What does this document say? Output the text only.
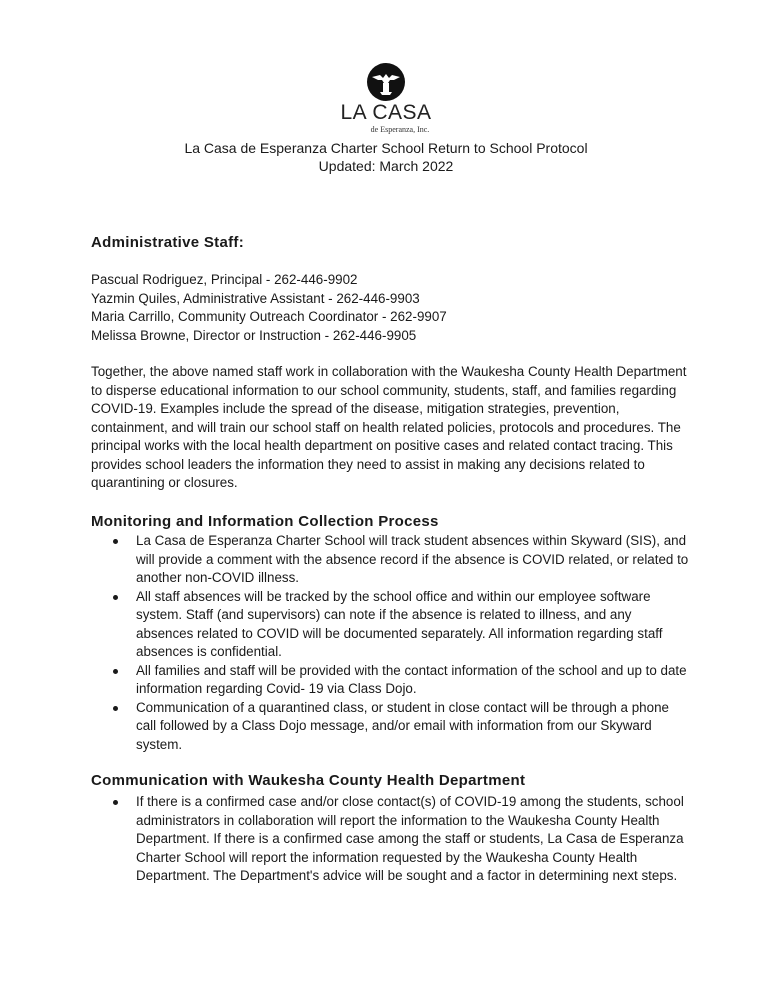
LA CASA
de Esperanza, Inc.
La Casa de Esperanza Charter School Return to School Protocol
Updated: March 2022
Administrative Staff:

Pascual Rodriguez, Principal - 262-446-9902

Yazmin Quiles, Administrative Assistant - 262-446-9903

Maria Carrillo, Community Outreach Coordinator - 262-9907

Melissa Browne, Director or Instruction - 262-446-9905

Together, the above named staff work in collaboration with the Waukesha County Health Department to disperse educational information to our school community, students, staff, and families regarding COVID-19. Examples include the spread of the disease, mitigation strategies, prevention, containment, and will train our school staff on health related policies, protocols and procedures. The principal works with the local health department on positive cases and related contact tracing. This provides school leaders the information they need to assist in making any decisions related to quarantining or closures.
Monitoring and Information Collection Process
La Casa de Esperanza Charter School will track student absences within Skyward (SIS), and will provide a comment with the absence record if the absence is COVID related, or related to another non-COVID illness.
All staff absences will be tracked by the school office and within our employee software system. Staff (and supervisors) can note if the absence is related to illness, and any absences related to COVID will be documented separately. All information regarding staff absences is confidential.
All families and staff will be provided with the contact information of the school and up to date information regarding Covid- 19 via Class Dojo.
Communication of a quarantined class, or student in close contact will be through a phone call followed by a Class Dojo message, and/or email with information from our Skyward system.
Communication with Waukesha County Health Department
If there is a confirmed case and/or close contact(s) of COVID-19 among the students, school administrators in collaboration will report the information to the Waukesha County Health Department. If there is a confirmed case among the staff or students, La Casa de Esperanza Charter School will report the information requested by the Waukesha County Health Department. The Department's advice will be sought and a factor in determining next steps.
